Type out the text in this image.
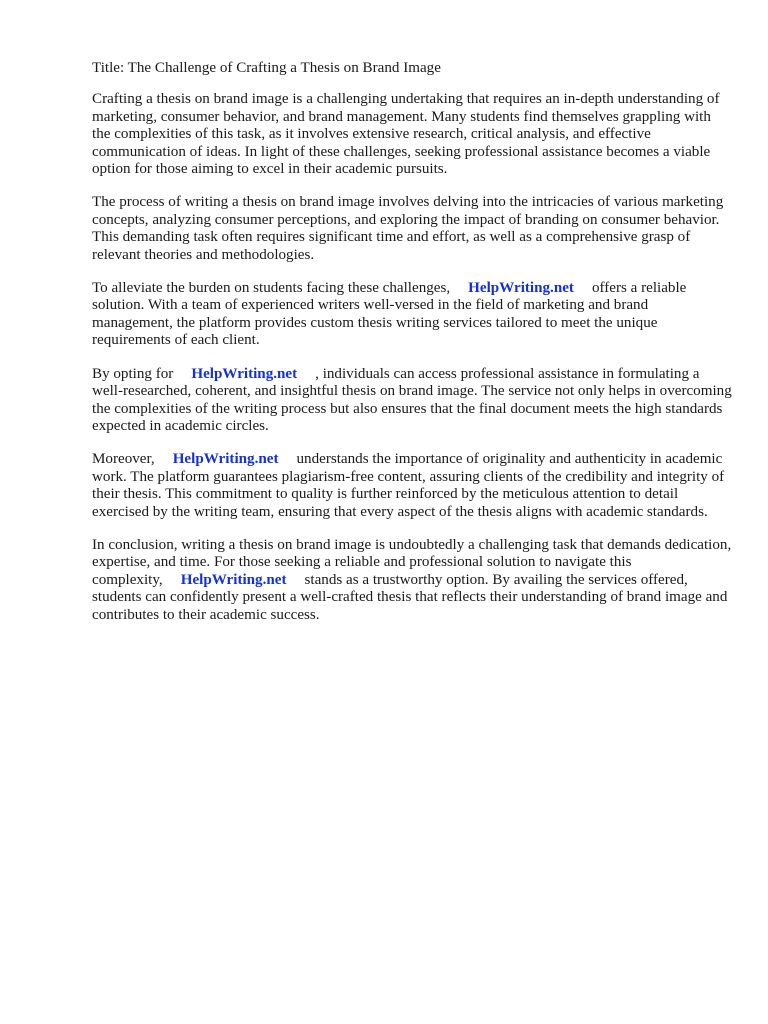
Title: The Challenge of Crafting a Thesis on Brand Image

Crafting a thesis on brand image is a challenging undertaking that requires an in-depth understanding of marketing, consumer behavior, and brand management. Many students find themselves grappling with the complexities of this task, as it involves extensive research, critical analysis, and effective communication of ideas. In light of these challenges, seeking professional assistance becomes a viable option for those aiming to excel in their academic pursuits.

The process of writing a thesis on brand image involves delving into the intricacies of various marketing concepts, analyzing consumer perceptions, and exploring the impact of branding on consumer behavior. This demanding task often requires significant time and effort, as well as a comprehensive grasp of relevant theories and methodologies.

To alleviate the burden on students facing these challenges, HelpWriting.net offers a reliable solution. With a team of experienced writers well-versed in the field of marketing and brand management, the platform provides custom thesis writing services tailored to meet the unique requirements of each client.

By opting for HelpWriting.net , individuals can access professional assistance in formulating a well-researched, coherent, and insightful thesis on brand image. The service not only helps in overcoming the complexities of the writing process but also ensures that the final document meets the high standards expected in academic circles.

Moreover, HelpWriting.net understands the importance of originality and authenticity in academic work. The platform guarantees plagiarism-free content, assuring clients of the credibility and integrity of their thesis. This commitment to quality is further reinforced by the meticulous attention to detail exercised by the writing team, ensuring that every aspect of the thesis aligns with academic standards.

In conclusion, writing a thesis on brand image is undoubtedly a challenging task that demands dedication, expertise, and time. For those seeking a reliable and professional solution to navigate this complexity, HelpWriting.net stands as a trustworthy option. By availing the services offered, students can confidently present a well-crafted thesis that reflects their understanding of brand image and contributes to their academic success.
